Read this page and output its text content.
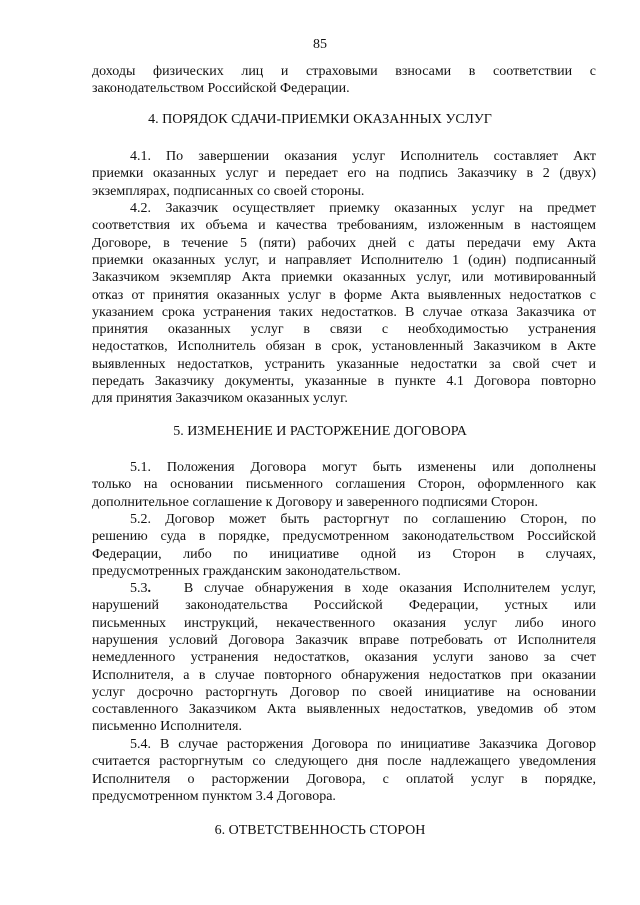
85
доходы физических лиц и страховыми взносами в соответствии с
законодательством Российской Федерации.
4. ПОРЯДОК СДАЧИ-ПРИЕМКИ ОКАЗАННЫХ УСЛУГ
4.1. По завершении оказания услуг Исполнитель составляет Акт
приемки оказанных услуг и передает его на подпись Заказчику в 2 (двух)
экземплярах, подписанных со своей стороны.
4.2. Заказчик осуществляет приемку оказанных услуг на предмет
соответствия их объема и качества требованиям, изложенным в настоящем
Договоре, в течение 5 (пяти) рабочих дней с даты передачи ему Акта
приемки оказанных услуг, и направляет Исполнителю 1 (один) подписанный
Заказчиком экземпляр Акта приемки оказанных услуг, или мотивированный
отказ от принятия оказанных услуг в форме Акта выявленных недостатков с
указанием срока устранения таких недостатков. В случае отказа Заказчика от
принятия оказанных услуг в связи с необходимостью устранения
недостатков, Исполнитель обязан в срок, установленный Заказчиком в Акте
выявленных недостатков, устранить указанные недостатки за свой счет и
передать Заказчику документы, указанные в пункте 4.1 Договора повторно
для принятия Заказчиком оказанных услуг.
5. ИЗМЕНЕНИЕ И РАСТОРЖЕНИЕ ДОГОВОРА
5.1. Положения Договора могут быть изменены или дополнены
только на основании письменного соглашения Сторон, оформленного как
дополнительное соглашение к Договору и заверенного подписями Сторон.
5.2. Договор может быть расторгнут по соглашению Сторон, по
решению суда в порядке, предусмотренном законодательством Российской
Федерации, либо по инициативе одной из Сторон в случаях,
предусмотренных гражданским законодательством.
5.3. В случае обнаружения в ходе оказания Исполнителем услуг,
нарушений законодательства Российской Федерации, устных или
письменных инструкций, некачественного оказания услуг либо иного
нарушения условий Договора Заказчик вправе потребовать от Исполнителя
немедленного устранения недостатков, оказания услуги заново за счет
Исполнителя, а в случае повторного обнаружения недостатков при оказании
услуг досрочно расторгнуть Договор по своей инициативе на основании
составленного Заказчиком Акта выявленных недостатков, уведомив об этом
письменно Исполнителя.
5.4. В случае расторжения Договора по инициативе Заказчика Договор
считается расторгнутым со следующего дня после надлежащего уведомления
Исполнителя о расторжении Договора, с оплатой услуг в порядке,
предусмотренном пунктом 3.4 Договора.
6. ОТВЕТСТВЕННОСТЬ СТОРОН
